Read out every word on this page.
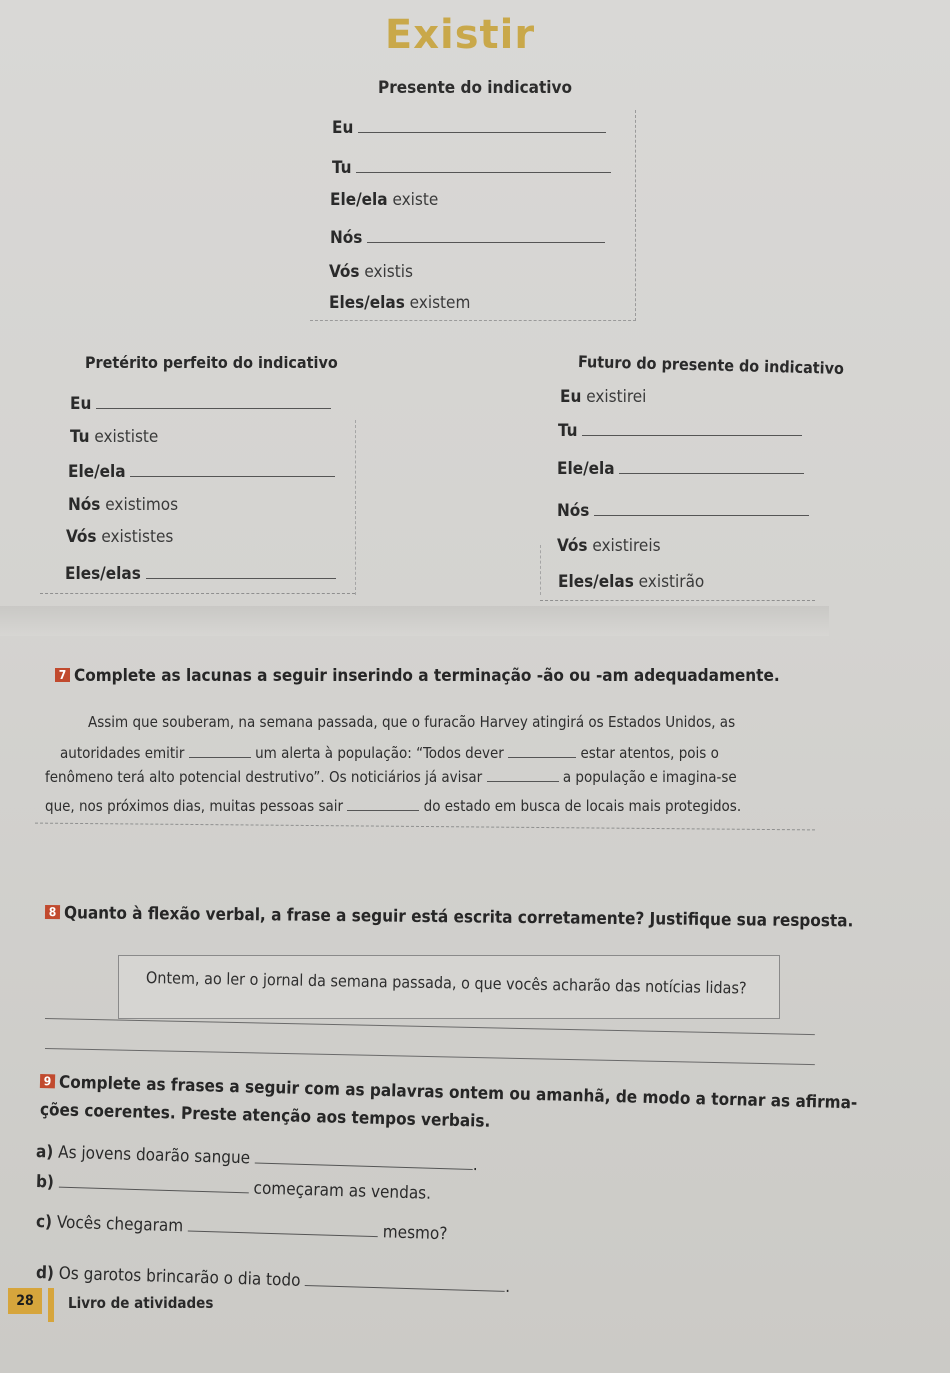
Existir
Presente do indicativo
Eu
Tu
Ele/ela existe
Nós
Vós existis
Eles/elas existem
Pretérito perfeito do indicativo
Eu
Tu exististe
Ele/ela
Nós existimos
Vós exististes
Eles/elas
Futuro do presente do indicativo
Eu existirei
Tu
Ele/ela
Nós
Vós existireis
Eles/elas existirão
7 Complete as lacunas a seguir inserindo a terminação -ão ou -am adequadamente.
Assim que souberam, na semana passada, que o furacão Harvey atingirá os Estados Unidos, as
autoridades emitir	um alerta à população: “Todos dever	estar atentos, pois o
fenômeno terá alto potencial destrutivo”. Os noticiários já avisar	a população e imagina-se
que, nos próximos dias, muitas pessoas sair	do estado em busca de locais mais protegidos.
8 Quanto à flexão verbal, a frase a seguir está escrita corretamente? Justifique sua resposta.
Ontem, ao ler o jornal da semana passada, o que vocês acharão das notícias lidas?
9 Complete as frases a seguir com as palavras ontem ou amanhã, de modo a tornar as afirma-
ções coerentes. Preste atenção aos tempos verbais.
a) As jovens doarão sangue	.
b)	começaram as vendas.
c) Vocês chegaram	mesmo?
d) Os garotos brincarão o dia todo	.
28	Livro de atividades
